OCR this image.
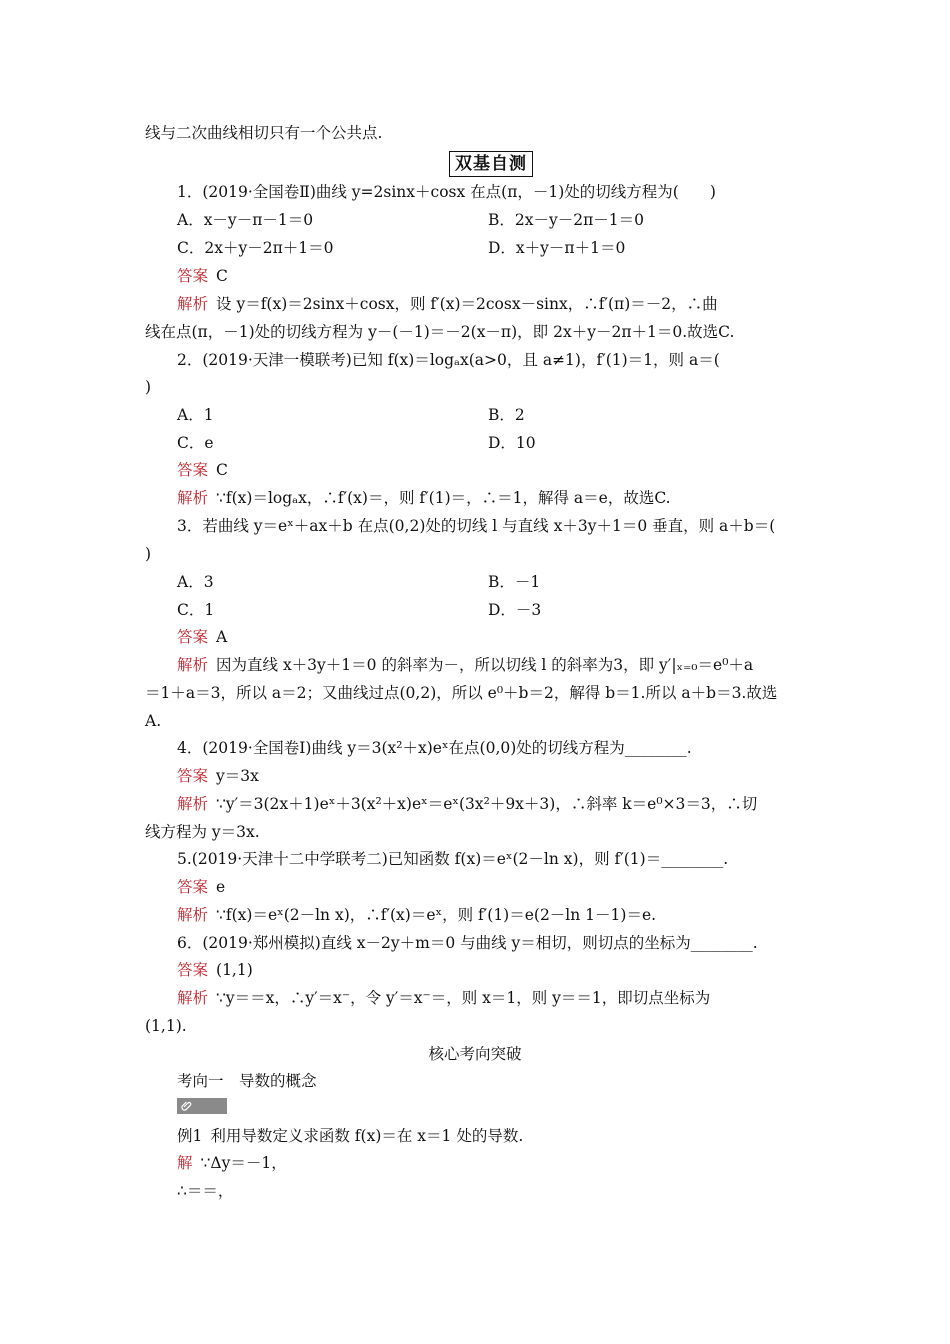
线与二次曲线相切只有一个公共点.
双基自测
1．(2019·全国卷Ⅱ)曲线 y=2sinx＋cosx 在点(π，－1)处的切线方程为(　　)
A．x－y－π－1＝0	B．2x－y－2π－1＝0
C．2x＋y－2π＋1＝0	D．x＋y－π＋1＝0
答案 C
解析 设 y＝f(x)＝2sinx＋cosx，则 f′(x)＝2cosx－sinx，∴f′(π)＝－2，∴曲
线在点(π，－1)处的切线方程为 y－(－1)＝－2(x－π)，即 2x＋y－2π＋1＝0.故选C.
2．(2019·天津一模联考)已知 f(x)＝logₐx(a>0，且 a≠1)，f′(1)＝1，则 a＝(
)
A．1	B．2
C．e	D．10
答案 C
解析 ∵f(x)＝logₐx，∴f′(x)＝，则 f′(1)＝，∴＝1，解得 a＝e，故选C.
3．若曲线 y＝eˣ＋ax＋b 在点(0,2)处的切线 l 与直线 x＋3y＋1＝0 垂直，则 a＋b＝(
)
A．3	B．－1
C．1	D．－3
答案 A
解析 因为直线 x＋3y＋1＝0 的斜率为－，所以切线 l 的斜率为3，即 y′|ₓ₌₀＝e⁰＋a
＝1＋a＝3，所以 a＝2；又曲线过点(0,2)，所以 e⁰＋b＝2，解得 b＝1.所以 a＋b＝3.故选
A.
4．(2019·全国卷Ⅰ)曲线 y＝3(x²＋x)eˣ在点(0,0)处的切线方程为________.
答案 y＝3x
解析 ∵y′＝3(2x＋1)eˣ＋3(x²＋x)eˣ＝eˣ(3x²＋9x＋3)，∴斜率 k＝e⁰×3＝3，∴切
线方程为 y＝3x.
5.(2019·天津十二中学联考二)已知函数 f(x)＝eˣ(2－ln x)，则 f′(1)＝________.
答案 e
解析 ∵f(x)＝eˣ(2－ln x)，∴f′(x)＝eˣ，则 f′(1)＝e(2－ln 1－1)＝e.
6．(2019·郑州模拟)直线 x－2y＋m＝0 与曲线 y＝相切，则切点的坐标为________.
答案 (1,1)
解析 ∵y＝＝x，∴y′＝x⁻，令 y′＝x⁻＝，则 x＝1，则 y＝＝1，即切点坐标为
(1,1).
核心考向突破
考向一　导数的概念
例1 利用导数定义求函数 f(x)＝在 x＝1 处的导数.
解 ∵Δy＝－1，
∴＝＝，
